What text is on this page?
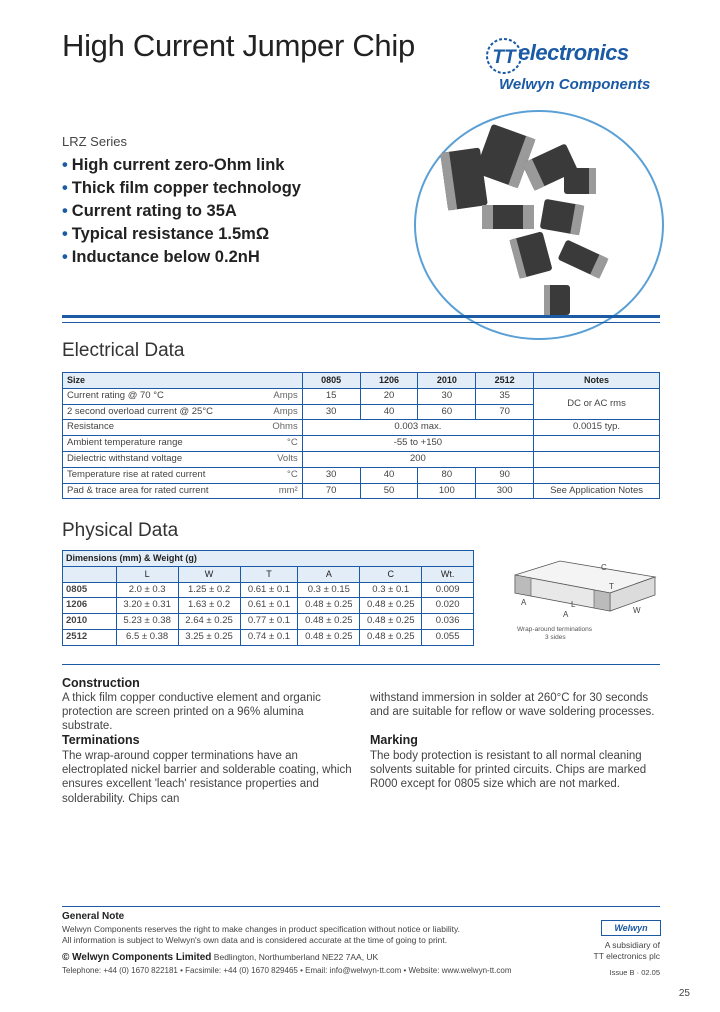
High Current Jumper Chip	TT electronics
Welwyn Components
LRZ Series
• High current zero-Ohm link
• Thick film copper technology
• Current rating to 35A
• Typical resistance 1.5mΩ
• Inductance below 0.2nH
Electrical Data
Size		0805	1206	2010	2512	Notes
Current rating @ 70 °C	Amps	15	20	30	35	DC or AC rms
2 second overload current @ 25°C	Amps	30	40	60	70	
Resistance	Ohms	0.003 max.				0.0015 typ.
Ambient temperature range	°C	-55 to +150				
Dielectric withstand voltage	Volts	200				
Temperature rise at rated current	°C	30	40	80	90	
Pad & trace area for rated current	mm²	70	50	100	300	See Application Notes
Physical Data
Dimensions (mm) & Weight (g)						
	L	W	T	A	C	Wt.
0805	2.0 ± 0.3	1.25 ± 0.2	0.61 ± 0.1	0.3 ± 0.15	0.3 ± 0.1	0.009
1206	3.20 ± 0.31	1.63 ± 0.2	0.61 ± 0.1	0.48 ± 0.25	0.48 ± 0.25	0.020
2010	5.23 ± 0.38	2.64 ± 0.25	0.77 ± 0.1	0.48 ± 0.25	0.48 ± 0.25	0.036
2512	6.5 ± 0.38	3.25 ± 0.25	0.74 ± 0.1	0.48 ± 0.25	0.48 ± 0.25	0.055
T
C
A
A
L
W
Wrap-around terminations
3 sides
Construction
A thick film copper conductive element and organic protection are screen printed on a 96% alumina substrate.
withstand immersion in solder at 260°C for 30 seconds and are suitable for reflow or wave soldering processes.
Terminations
The wrap-around copper terminations have an electroplated nickel barrier and solderable coating, which ensures excellent 'leach' resistance properties and solderability. Chips can
Marking
The body protection is resistant to all normal cleaning solvents suitable for printed circuits. Chips are marked R000 except for 0805 size which are not marked.
General Note
Welwyn Components reserves the right to make changes in product specification without notice or liability.
All information is subject to Welwyn's own data and is considered accurate at the time of going to print.
© Welwyn Components Limited Bedlington, Northumberland NE22 7AA, UK
Telephone: +44 (0) 1670 822181 • Facsimile: +44 (0) 1670 829465 • Email: info@welwyn-tt.com • Website: www.welwyn-tt.com
Welwyn
A subsidiary of
TT electronics plc
Issue B · 02.05
25
